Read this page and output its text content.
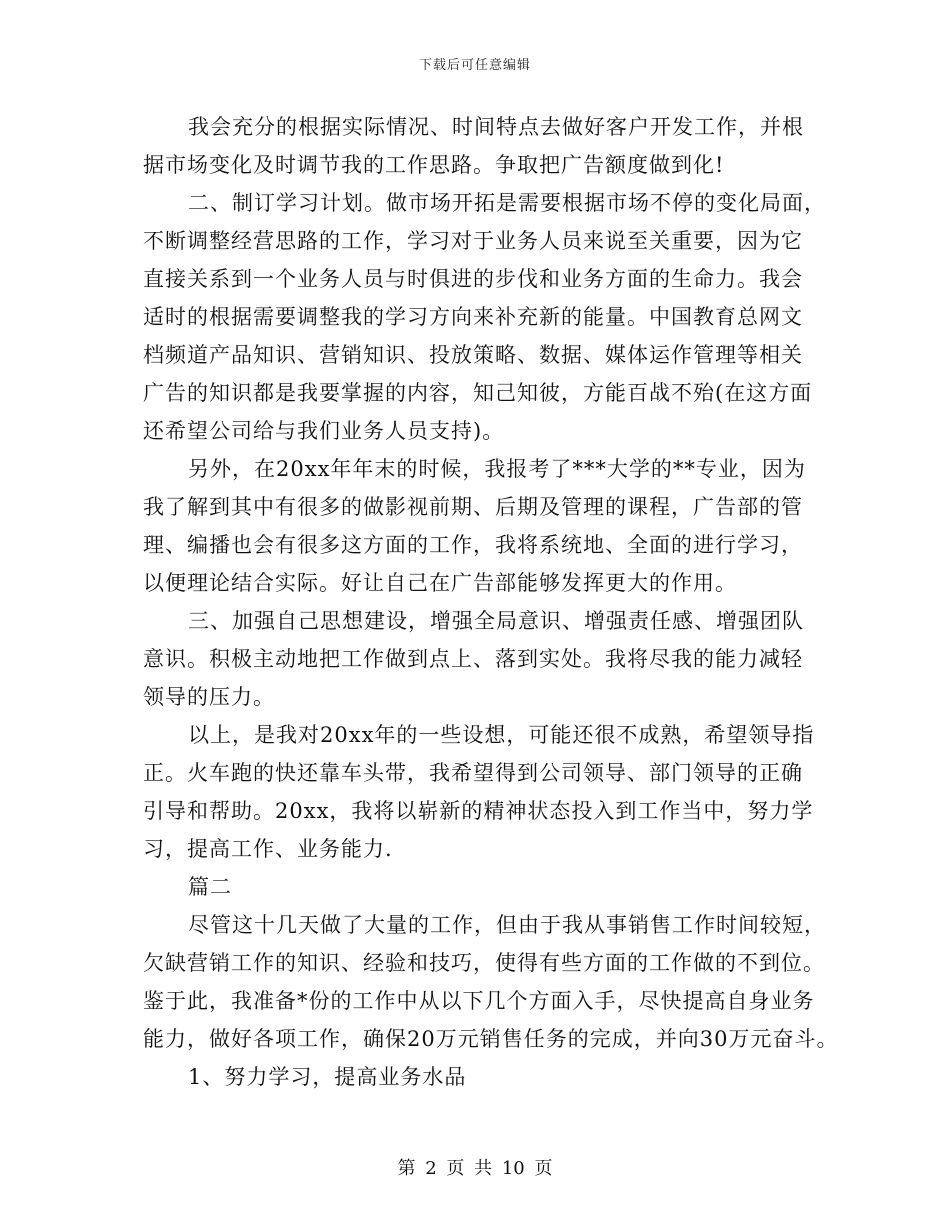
下载后可任意编辑
我会充分的根据实际情况、时间特点去做好客户开发工作，并根
据市场变化及时调节我的工作思路。争取把广告额度做到化!
二、制订学习计划。做市场开拓是需要根据市场不停的变化局面，
不断调整经营思路的工作，学习对于业务人员来说至关重要，因为它
直接关系到一个业务人员与时俱进的步伐和业务方面的生命力。我会
适时的根据需要调整我的学习方向来补充新的能量。中国教育总网文
档频道产品知识、营销知识、投放策略、数据、媒体运作管理等相关
广告的知识都是我要掌握的内容，知己知彼，方能百战不殆(在这方面
还希望公司给与我们业务人员支持)。
另外，在20xx年年末的时候，我报考了***大学的**专业，因为
我了解到其中有很多的做影视前期、后期及管理的课程，广告部的管
理、编播也会有很多这方面的工作，我将系统地、全面的进行学习，
以便理论结合实际。好让自己在广告部能够发挥更大的作用。
三、加强自己思想建设，增强全局意识、增强责任感、增强团队
意识。积极主动地把工作做到点上、落到实处。我将尽我的能力减轻
领导的压力。
以上，是我对20xx年的一些设想，可能还很不成熟，希望领导指
正。火车跑的快还靠车头带，我希望得到公司领导、部门领导的正确
引导和帮助。20xx，我将以崭新的精神状态投入到工作当中，努力学
习，提高工作、业务能力.
篇二
尽管这十几天做了大量的工作，但由于我从事销售工作时间较短，
欠缺营销工作的知识、经验和技巧，使得有些方面的工作做的不到位。
鉴于此，我准备*份的工作中从以下几个方面入手，尽快提高自身业务
能力，做好各项工作，确保20万元销售任务的完成，并向30万元奋斗。
1、努力学习，提高业务水品
第 2 页 共 10 页
